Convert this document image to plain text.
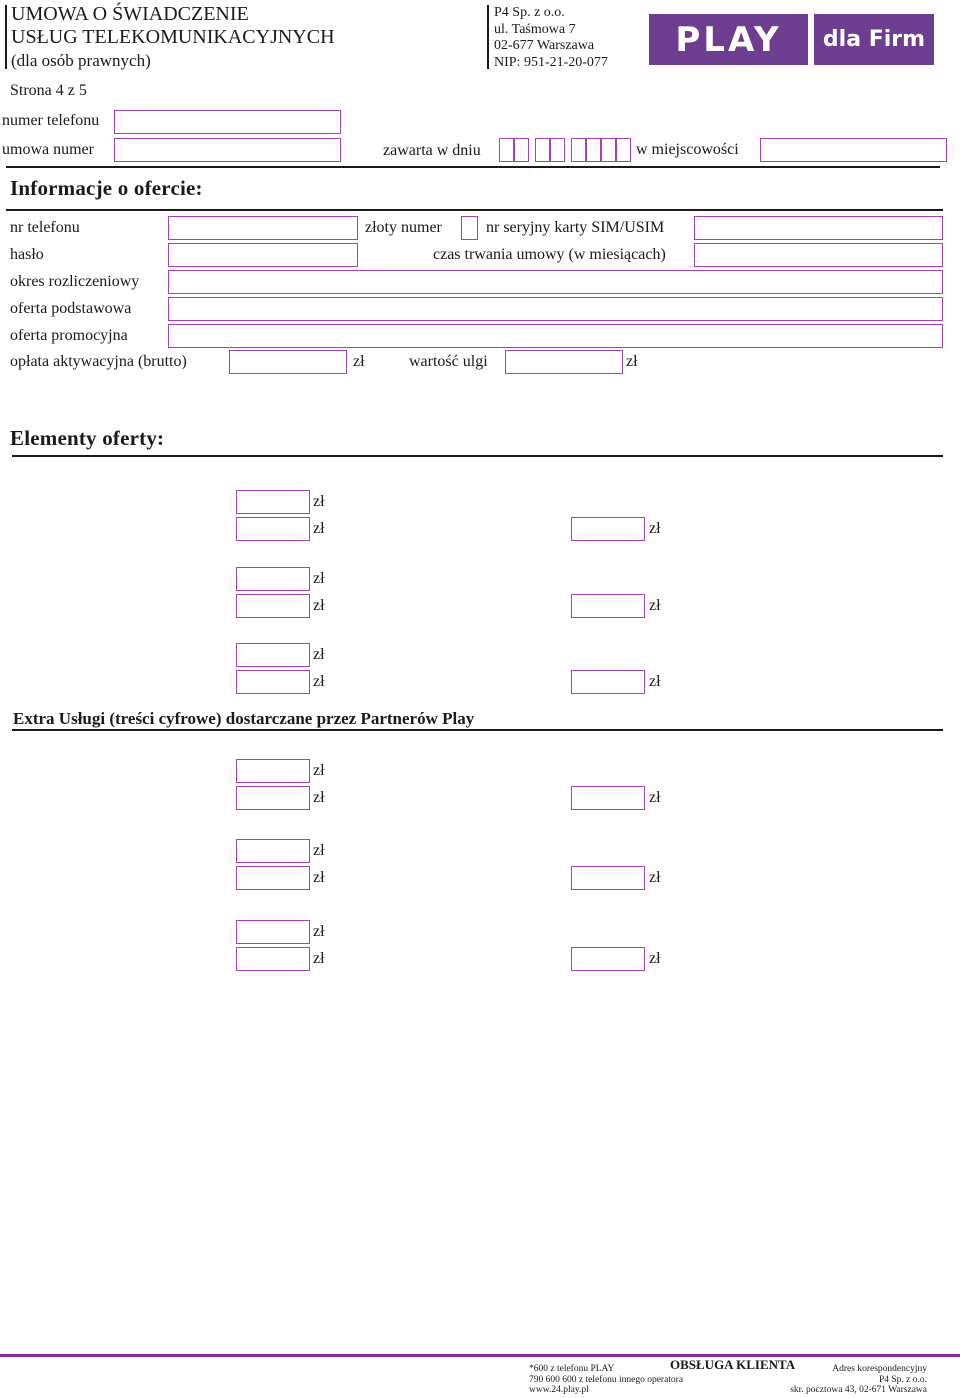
UMOWA O ŚWIADCZENIE
USŁUG TELEKOMUNIKACYJNYCH
(dla osób prawnych)
P4 Sp. z o.o.
ul. Taśmowa 7
02-677 Warszawa
NIP: 951-21-20-077
PLAY dla Firm
Strona 4 z 5
numer telefonu
umowa numer	zawarta w dniu	w miejscowości
Informacje o ofercie:
nr telefonu	złoty numer	nr seryjny karty SIM/USIM
hasło	czas trwania umowy (w miesiącach)
okres rozliczeniowy
oferta podstawowa
oferta promocyjna
opłata aktywacyjna (brutto)	zł	wartość ulgi	zł
Elementy oferty:
zł
zł	zł
zł
zł	zł
zł
zł	zł
Extra Usługi (treści cyfrowe) dostarczane przez Partnerów Play
zł
zł	zł
zł
zł	zł
zł
zł	zł
*600 z telefonu PLAY
790 600 600 z telefonu innego operatora
www.24.play.pl
OBSŁUGA KLIENTA	Adres korespondencyjny
P4 Sp. z o.o.
skr. pocztowa 43, 02-671 Warszawa
